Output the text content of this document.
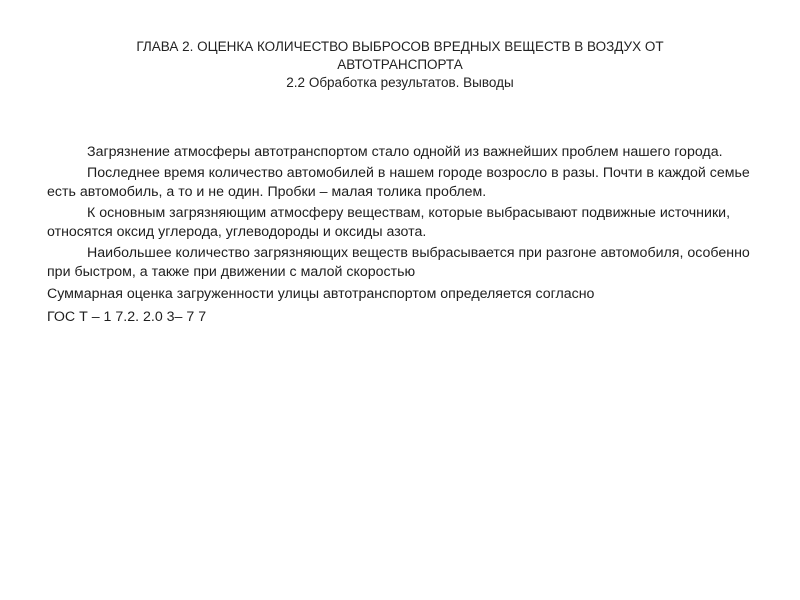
ГЛАВА 2. ОЦЕНКА КОЛИЧЕСТВО ВЫБРОСОВ ВРЕДНЫХ ВЕЩЕСТВ В ВОЗДУХ ОТ
АВТОТРАНСПОРТА
2.2 Обработка результатов. Выводы

Загрязнение атмосферы автотранспортом стало однойй из важнейших проблем нашего города.

Последнее время количество автомобилей в нашем городе возросло в разы. Почти в каждой семье есть автомобиль, а то и не один. Пробки – малая толика проблем.

К основным загрязняющим атмосферу веществам, которые выбрасывают подвижные источники, относятся оксид углерода, углеводороды и оксиды азота.

Наибольшее количество загрязняющих веществ выбрасывается при разгоне автомобиля, особенно при быстром, а также при движении с малой скоростью

Суммарная оценка загруженности улицы автотранспортом определяется согласно

ГОС Т – 1 7.2. 2.0 3– 7 7
